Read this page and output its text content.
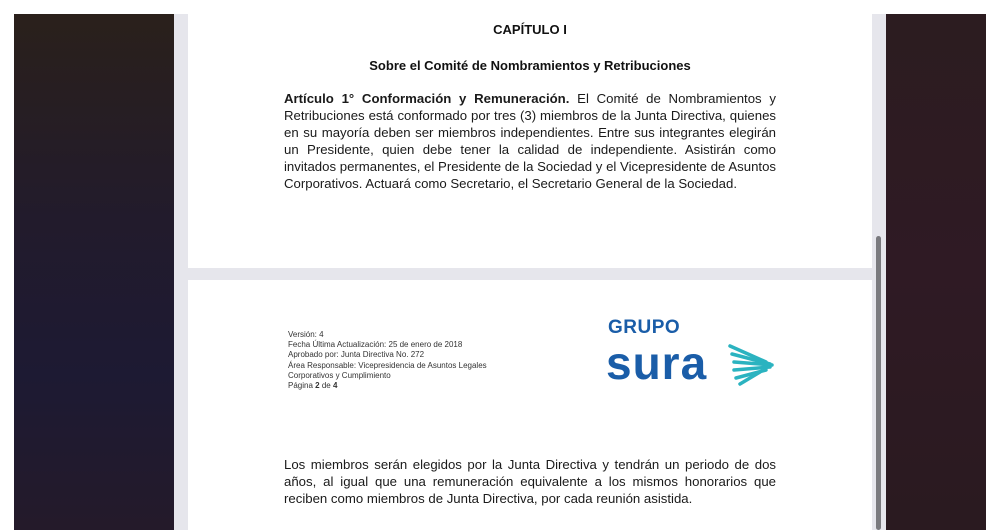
CAPÍTULO I
Sobre el Comité de Nombramientos y Retribuciones
Artículo 1° Conformación y Remuneración. El Comité de Nombramientos y Retribuciones está conformado por tres (3) miembros de la Junta Directiva, quienes en su mayoría deben ser miembros independientes. Entre sus integrantes elegirán un Presidente, quien debe tener la calidad de independiente. Asistirán como invitados permanentes, el Presidente de la Sociedad y el Vicepresidente de Asuntos Corporativos. Actuará como Secretario, el Secretario General de la Sociedad.
Versión: 4
Fecha Última Actualización: 25 de enero de 2018
Aprobado por: Junta Directiva No. 272
Área Responsable: Vicepresidencia de Asuntos Legales
Corporativos y Cumplimiento
Página 2 de 4
GRUPO
sura
Los miembros serán elegidos por la Junta Directiva y tendrán un periodo de dos años, al igual que una remuneración equivalente a los mismos honorarios que reciben como miembros de Junta Directiva, por cada reunión asistida.
